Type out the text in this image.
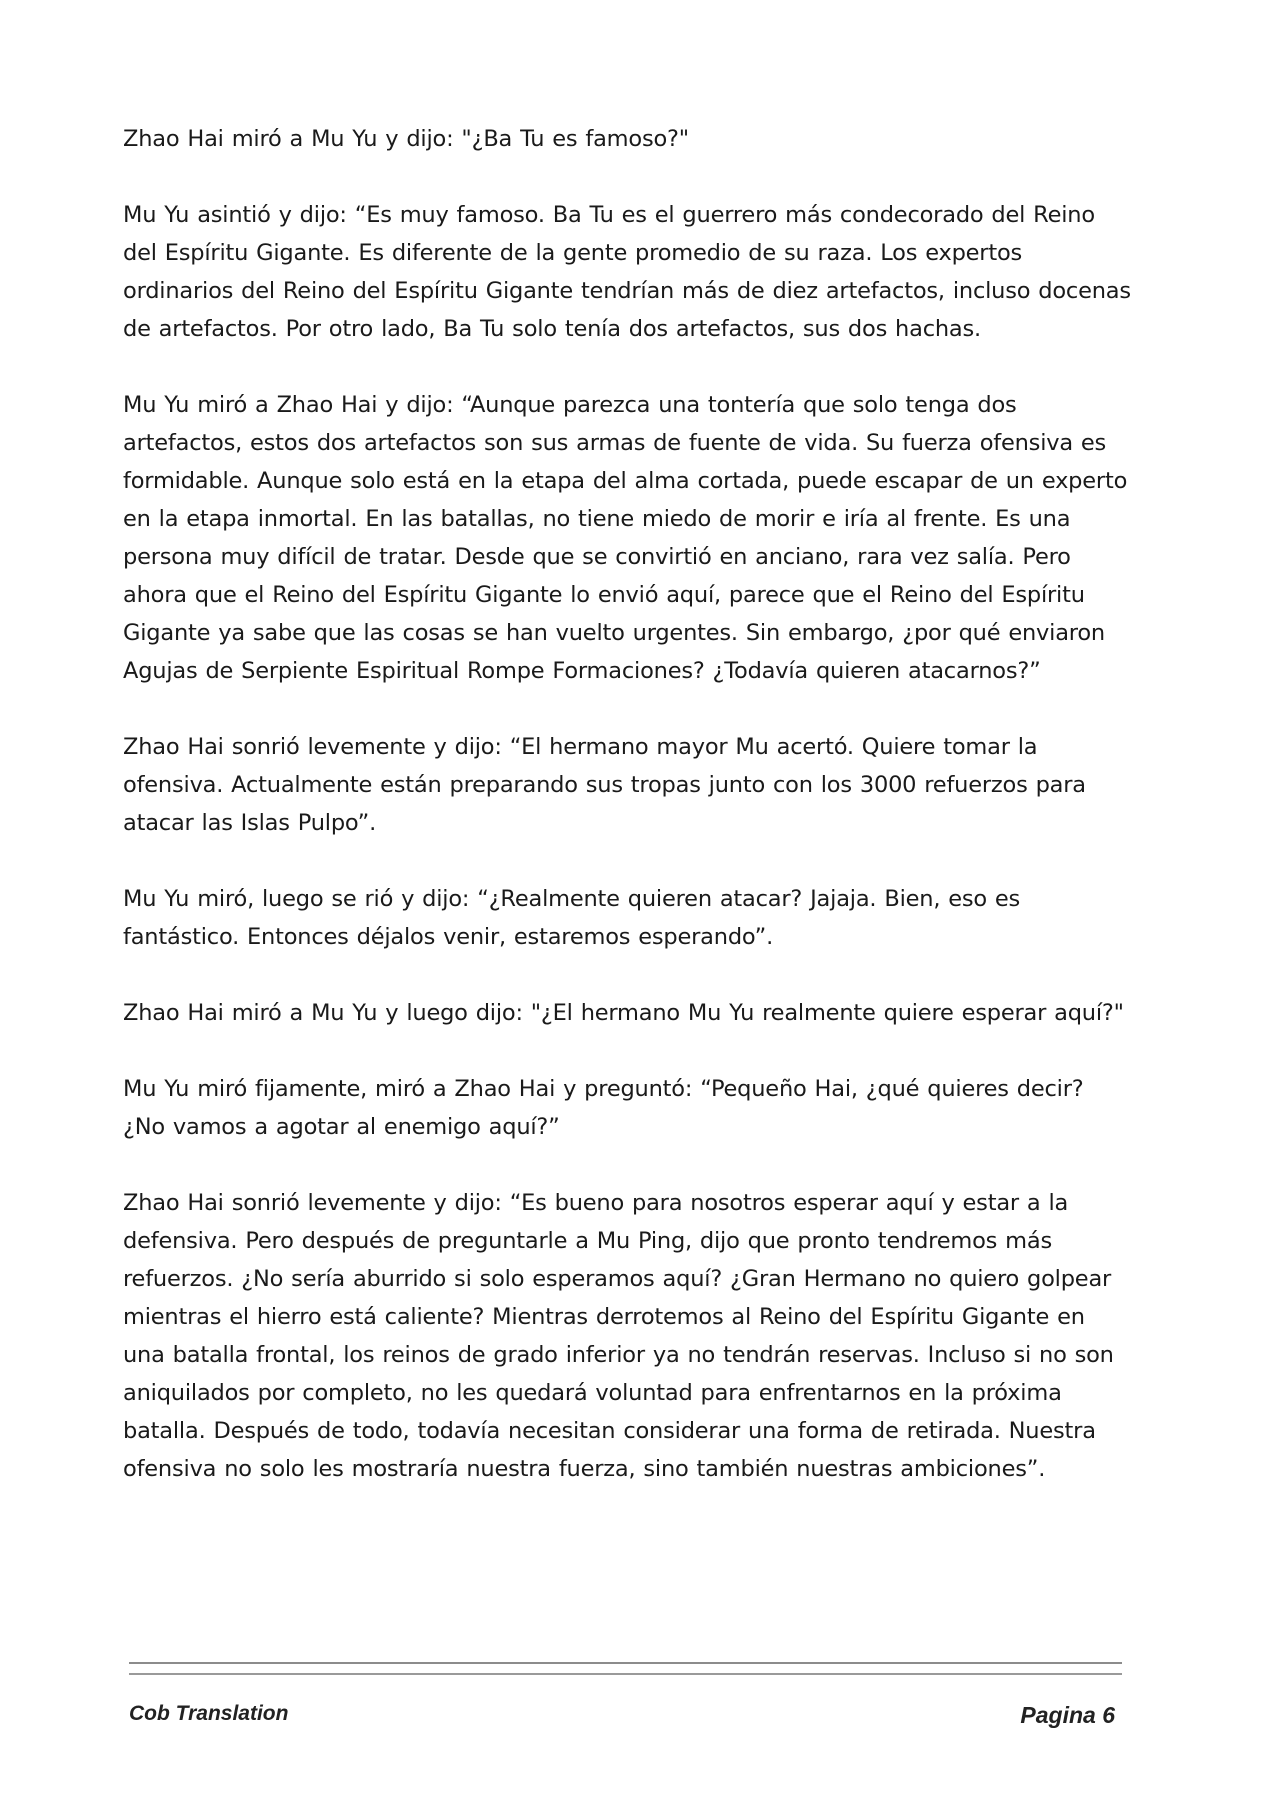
Zhao Hai miró a Mu Yu y dijo: "¿Ba Tu es famoso?"

Mu Yu asintió y dijo: “Es muy famoso. Ba Tu es el guerrero más condecorado del Reino del Espíritu Gigante. Es diferente de la gente promedio de su raza. Los expertos ordinarios del Reino del Espíritu Gigante tendrían más de diez artefactos, incluso docenas de artefactos. Por otro lado, Ba Tu solo tenía dos artefactos, sus dos hachas.

Mu Yu miró a Zhao Hai y dijo: “Aunque parezca una tontería que solo tenga dos artefactos, estos dos artefactos son sus armas de fuente de vida. Su fuerza ofensiva es formidable. Aunque solo está en la etapa del alma cortada, puede escapar de un experto en la etapa inmortal. En las batallas, no tiene miedo de morir e iría al frente. Es una persona muy difícil de tratar. Desde que se convirtió en anciano, rara vez salía. Pero ahora que el Reino del Espíritu Gigante lo envió aquí, parece que el Reino del Espíritu Gigante ya sabe que las cosas se han vuelto urgentes. Sin embargo, ¿por qué enviaron Agujas de Serpiente Espiritual Rompe Formaciones? ¿Todavía quieren atacarnos?”

Zhao Hai sonrió levemente y dijo: “El hermano mayor Mu acertó. Quiere tomar la ofensiva. Actualmente están preparando sus tropas junto con los 3000 refuerzos para atacar las Islas Pulpo”.

Mu Yu miró, luego se rió y dijo: “¿Realmente quieren atacar? Jajaja. Bien, eso es fantástico. Entonces déjalos venir, estaremos esperando”.

Zhao Hai miró a Mu Yu y luego dijo: "¿El hermano Mu Yu realmente quiere esperar aquí?"

Mu Yu miró fijamente, miró a Zhao Hai y preguntó: “Pequeño Hai, ¿qué quieres decir? ¿No vamos a agotar al enemigo aquí?”

Zhao Hai sonrió levemente y dijo: “Es bueno para nosotros esperar aquí y estar a la defensiva. Pero después de preguntarle a Mu Ping, dijo que pronto tendremos más refuerzos. ¿No sería aburrido si solo esperamos aquí? ¿Gran Hermano no quiero golpear mientras el hierro está caliente? Mientras derrotemos al Reino del Espíritu Gigante en una batalla frontal, los reinos de grado inferior ya no tendrán reservas. Incluso si no son aniquilados por completo, no les quedará voluntad para enfrentarnos en la próxima batalla. Después de todo, todavía necesitan considerar una forma de retirada. Nuestra ofensiva no solo les mostraría nuestra fuerza, sino también nuestras ambiciones”.

Cob Translation	Pagina 6
